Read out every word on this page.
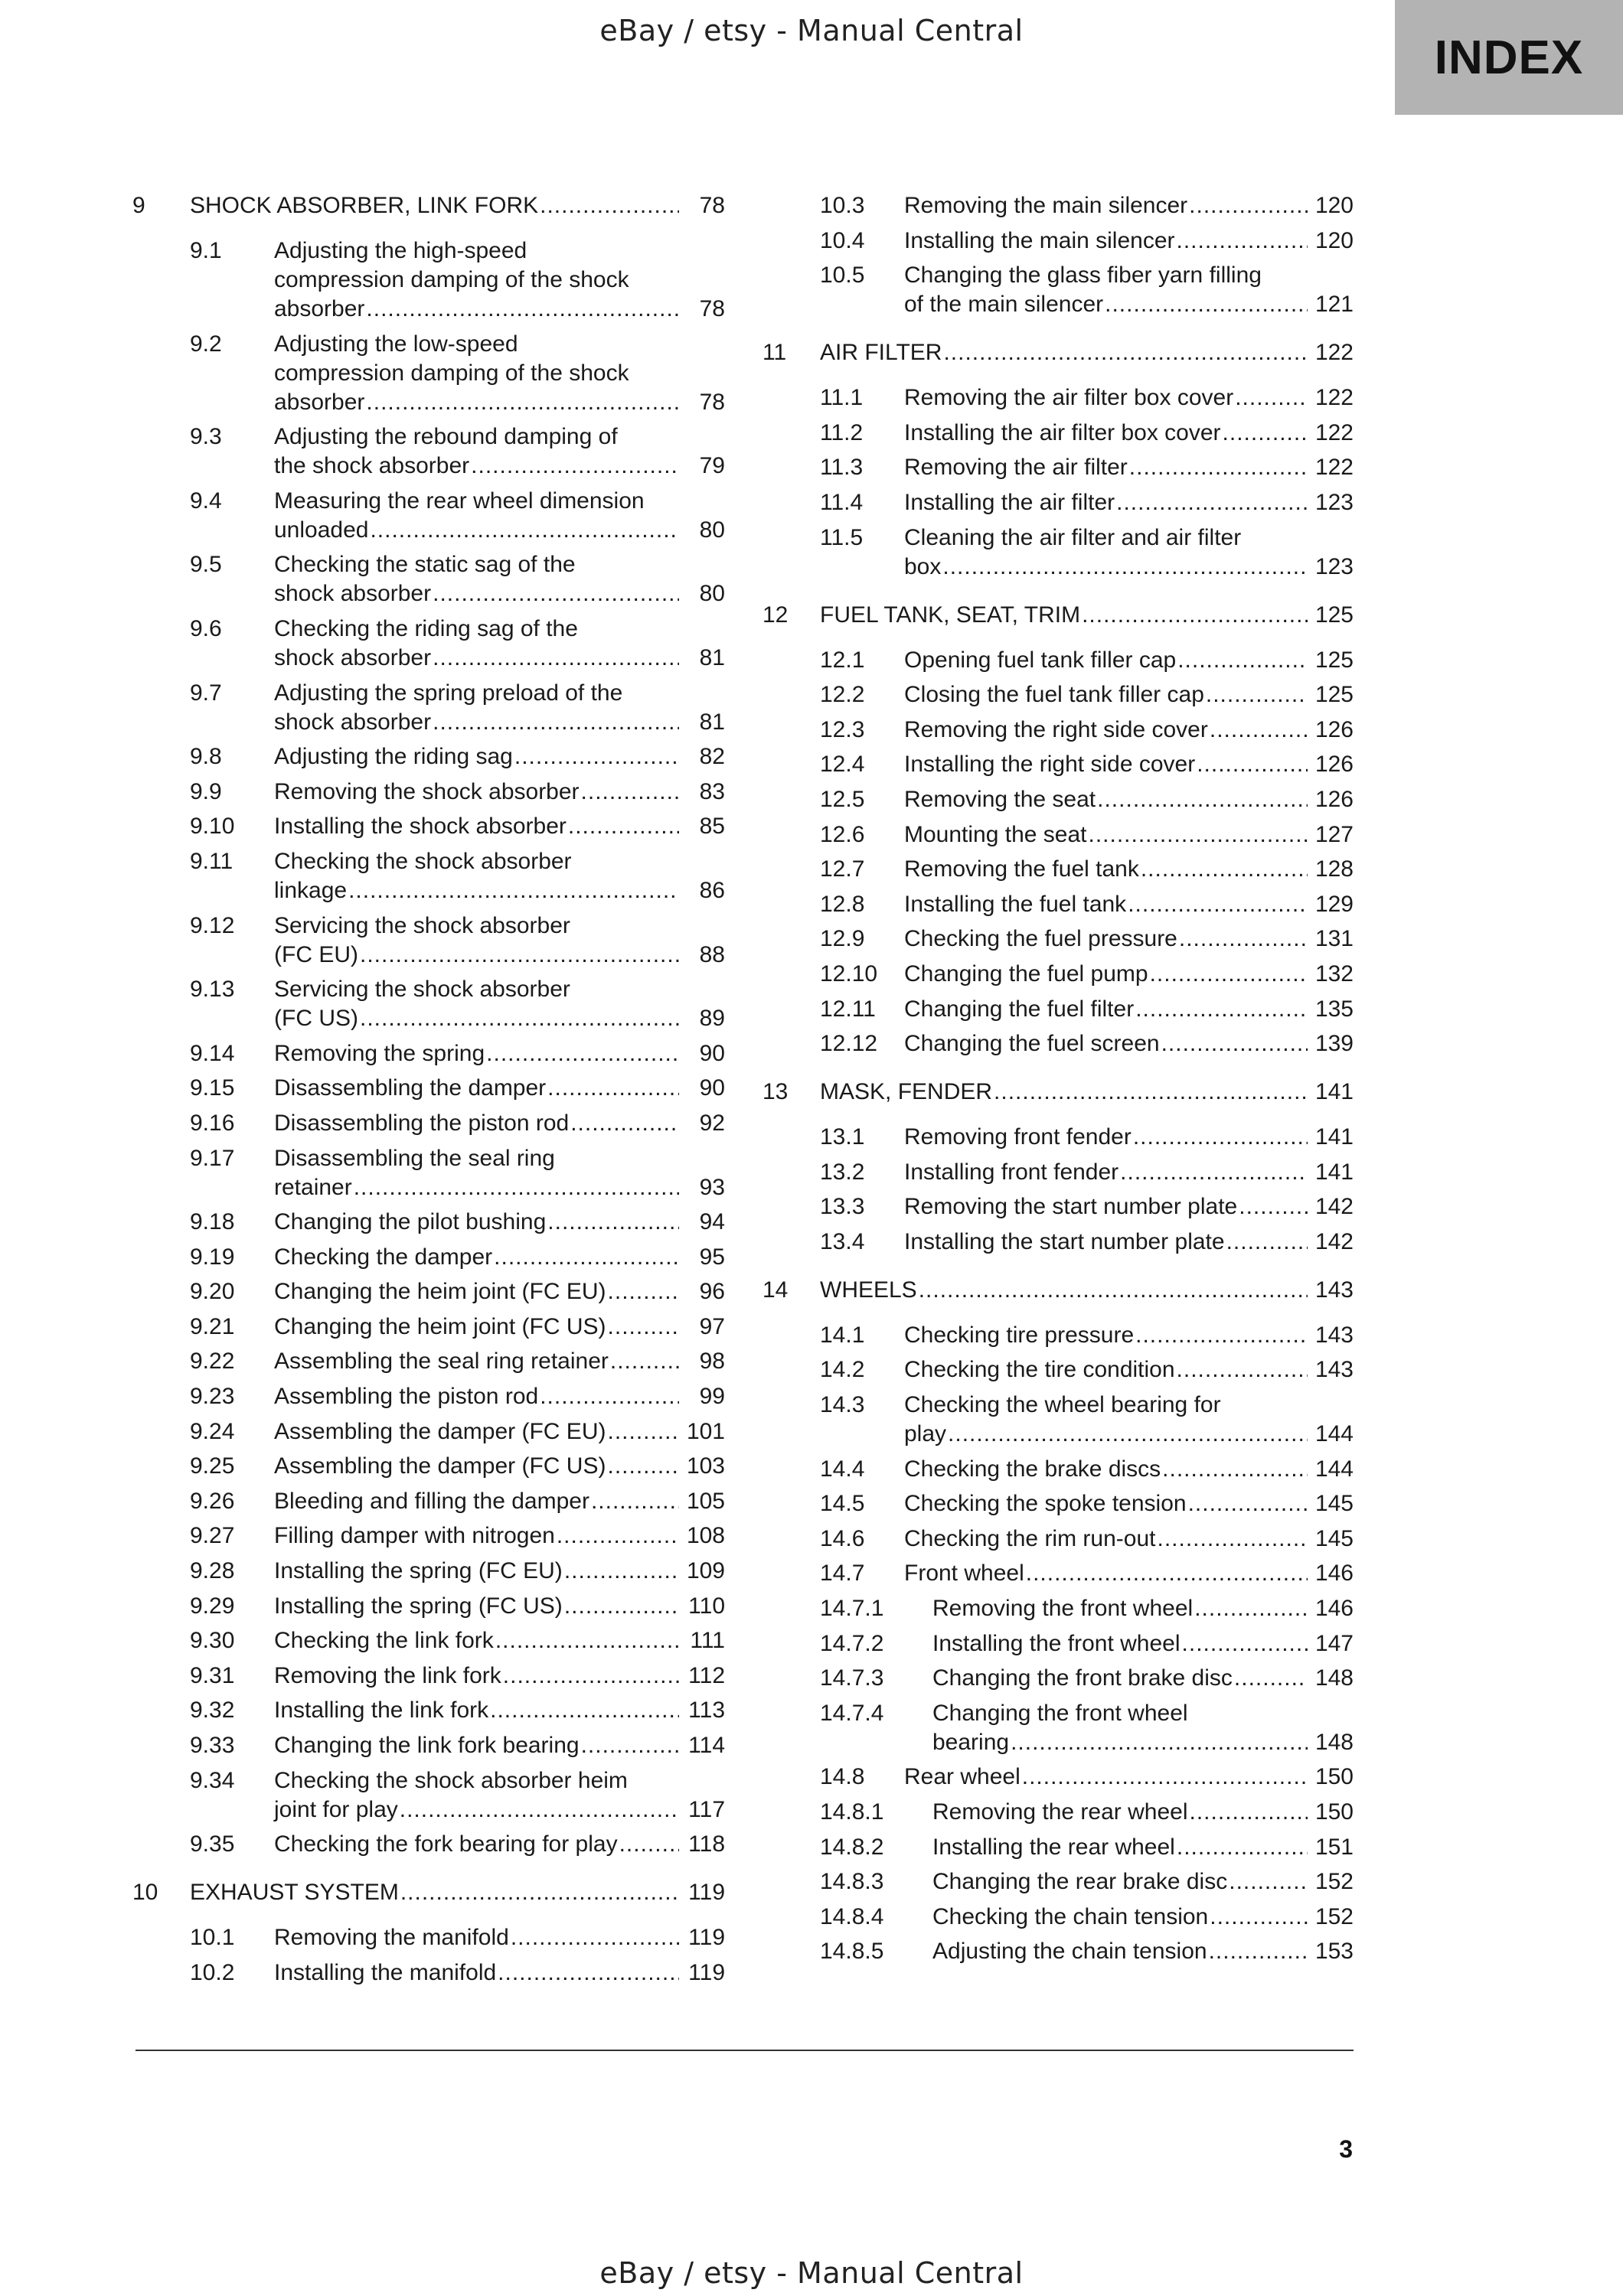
eBay / etsy - Manual Central
INDEX
9 SHOCK ABSORBER, LINK FORK .....	78
9.1 Adjusting the high-speed
compression damping of the shock
absorber .....	78
9.2 Adjusting the low-speed
compression damping of the shock
absorber .....	78
9.3 Adjusting the rebound damping of
the shock absorber .....	79
9.4 Measuring the rear wheel dimension
unloaded .....	80
9.5 Checking the static sag of the
shock absorber .....	80
9.6 Checking the riding sag of the
shock absorber .....	81
9.7 Adjusting the spring preload of the
shock absorber .....	81
9.8 Adjusting the riding sag .....	82
9.9 Removing the shock absorber .....	83
9.10 Installing the shock absorber .....	85
9.11 Checking the shock absorber
linkage .....	86
9.12 Servicing the shock absorber
(FC EU) .....	88
9.13 Servicing the shock absorber
(FC US) .....	89
9.14 Removing the spring .....	90
9.15 Disassembling the damper .....	90
9.16 Disassembling the piston rod .....	92
9.17 Disassembling the seal ring
retainer .....	93
9.18 Changing the pilot bushing .....	94
9.19 Checking the damper .....	95
9.20 Changing the heim joint (FC EU) .....	96
9.21 Changing the heim joint (FC US) .....	97
9.22 Assembling the seal ring retainer .....	98
9.23 Assembling the piston rod .....	99
9.24 Assembling the damper (FC EU) .....	101
9.25 Assembling the damper (FC US) .....	103
9.26 Bleeding and filling the damper .....	105
9.27 Filling damper with nitrogen .....	108
9.28 Installing the spring (FC EU) .....	109
9.29 Installing the spring (FC US) .....	110
9.30 Checking the link fork .....	111
9.31 Removing the link fork .....	112
9.32 Installing the link fork .....	113
9.33 Changing the link fork bearing .....	114
9.34 Checking the shock absorber heim
joint for play .....	117
9.35 Checking the fork bearing for play .....	118
10 EXHAUST SYSTEM .....	119
10.1 Removing the manifold .....	119
10.2 Installing the manifold .....	119
10.3 Removing the main silencer .....	120
10.4 Installing the main silencer .....	120
10.5 Changing the glass fiber yarn filling
of the main silencer .....	121
11 AIR FILTER .....	122
11.1 Removing the air filter box cover .....	122
11.2 Installing the air filter box cover .....	122
11.3 Removing the air filter .....	122
11.4 Installing the air filter .....	123
11.5 Cleaning the air filter and air filter
box .....	123
12 FUEL TANK, SEAT, TRIM .....	125
12.1 Opening fuel tank filler cap .....	125
12.2 Closing the fuel tank filler cap .....	125
12.3 Removing the right side cover .....	126
12.4 Installing the right side cover .....	126
12.5 Removing the seat .....	126
12.6 Mounting the seat .....	127
12.7 Removing the fuel tank .....	128
12.8 Installing the fuel tank .....	129
12.9 Checking the fuel pressure .....	131
12.10 Changing the fuel pump .....	132
12.11 Changing the fuel filter .....	135
12.12 Changing the fuel screen .....	139
13 MASK, FENDER .....	141
13.1 Removing front fender .....	141
13.2 Installing front fender .....	141
13.3 Removing the start number plate .....	142
13.4 Installing the start number plate .....	142
14 WHEELS .....	143
14.1 Checking tire pressure .....	143
14.2 Checking the tire condition .....	143
14.3 Checking the wheel bearing for
play .....	144
14.4 Checking the brake discs .....	144
14.5 Checking the spoke tension .....	145
14.6 Checking the rim run-out .....	145
14.7 Front wheel .....	146
14.7.1 Removing the front wheel .....	146
14.7.2 Installing the front wheel .....	147
14.7.3 Changing the front brake disc .....	148
14.7.4 Changing the front wheel
bearing .....	148
14.8 Rear wheel .....	150
14.8.1 Removing the rear wheel .....	150
14.8.2 Installing the rear wheel .....	151
14.8.3 Changing the rear brake disc .....	152
14.8.4 Checking the chain tension .....	152
14.8.5 Adjusting the chain tension .....	153
3
eBay / etsy - Manual Central
